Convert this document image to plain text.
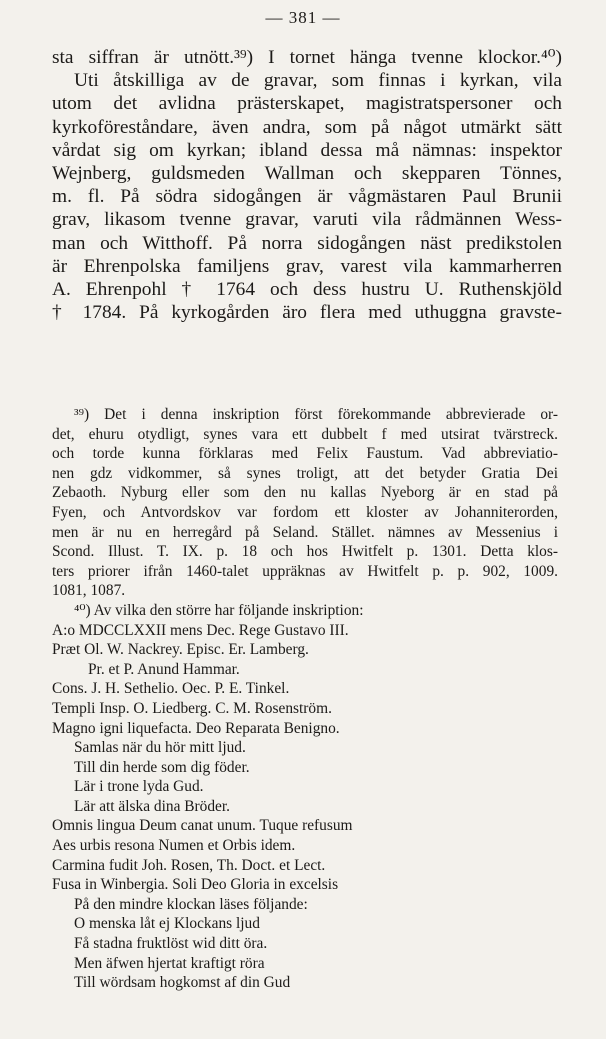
— 381 —
sta siffran är utnött.³⁹) I tornet hänga tvenne klockor.⁴⁰)
Uti åtskilliga av de gravar, som finnas i kyrkan, vila
utom det avlidna prästerskapet, magistratspersoner och
kyrkoföreståndare, även andra, som på något utmärkt sätt
vårdat sig om kyrkan; ibland dessa må nämnas: inspektor
Wejnberg, guldsmeden Wallman och skepparen Tönnes,
m. fl. På södra sidogången är vågmästaren Paul Brunii
grav, likasom tvenne gravar, varuti vila rådmännen Wess-
man och Witthoff. På norra sidogången näst predikstolen
är Ehrenpolska familjens grav, varest vila kammarherren
A. Ehrenpohl † 1764 och dess hustru U. Ruthenskjöld
† 1784. På kyrkogården äro flera med uthuggna gravste-
³⁹) Det i denna inskription först förekommande abbrevierade or-
det, ehuru otydligt, synes vara ett dubbelt f med utsirat tvärstreck.
och torde kunna förklaras med Felix Faustum. Vad abbreviatio-
nen gdz vidkommer, så synes troligt, att det betyder Gratia Dei
Zebaoth. Nyburg eller som den nu kallas Nyeborg är en stad på
Fyen, och Antvordskov var fordom ett kloster av Johanniterorden,
men är nu en herregård på Seland. Stället. nämnes av Messenius i
Scond. Illust. T. IX. p. 18 och hos Hwitfelt p. 1301. Detta klos-
ters priorer ifrån 1460-talet uppräknas av Hwitfelt p. p. 902, 1009.
1081, 1087.
⁴⁰) Av vilka den större har följande inskription:
A:o MDCCLXXII mens Dec. Rege Gustavo III.
Præt Ol. W. Nackrey. Episc. Er. Lamberg.
Pr. et P. Anund Hammar.
Cons. J. H. Sethelio. Oec. P. E. Tinkel.
Templi Insp. O. Liedberg. C. M. Rosenström.
Magno igni liquefacta. Deo Reparata Benigno.
Samlas när du hör mitt ljud.
Till din herde som dig föder.
Lär i trone lyda Gud.
Lär att älska dina Bröder.
Omnis lingua Deum canat unum. Tuque refusum
Aes urbis resona Numen et Orbis idem.
Carmina fudit Joh. Rosen, Th. Doct. et Lect.
Fusa in Winbergia. Soli Deo Gloria in excelsis
På den mindre klockan läses följande:
O menska låt ej Klockans ljud
Få stadna fruktlöst wid ditt öra.
Men äfwen hjertat kraftigt röra
Till wördsam hogkomst af din Gud
